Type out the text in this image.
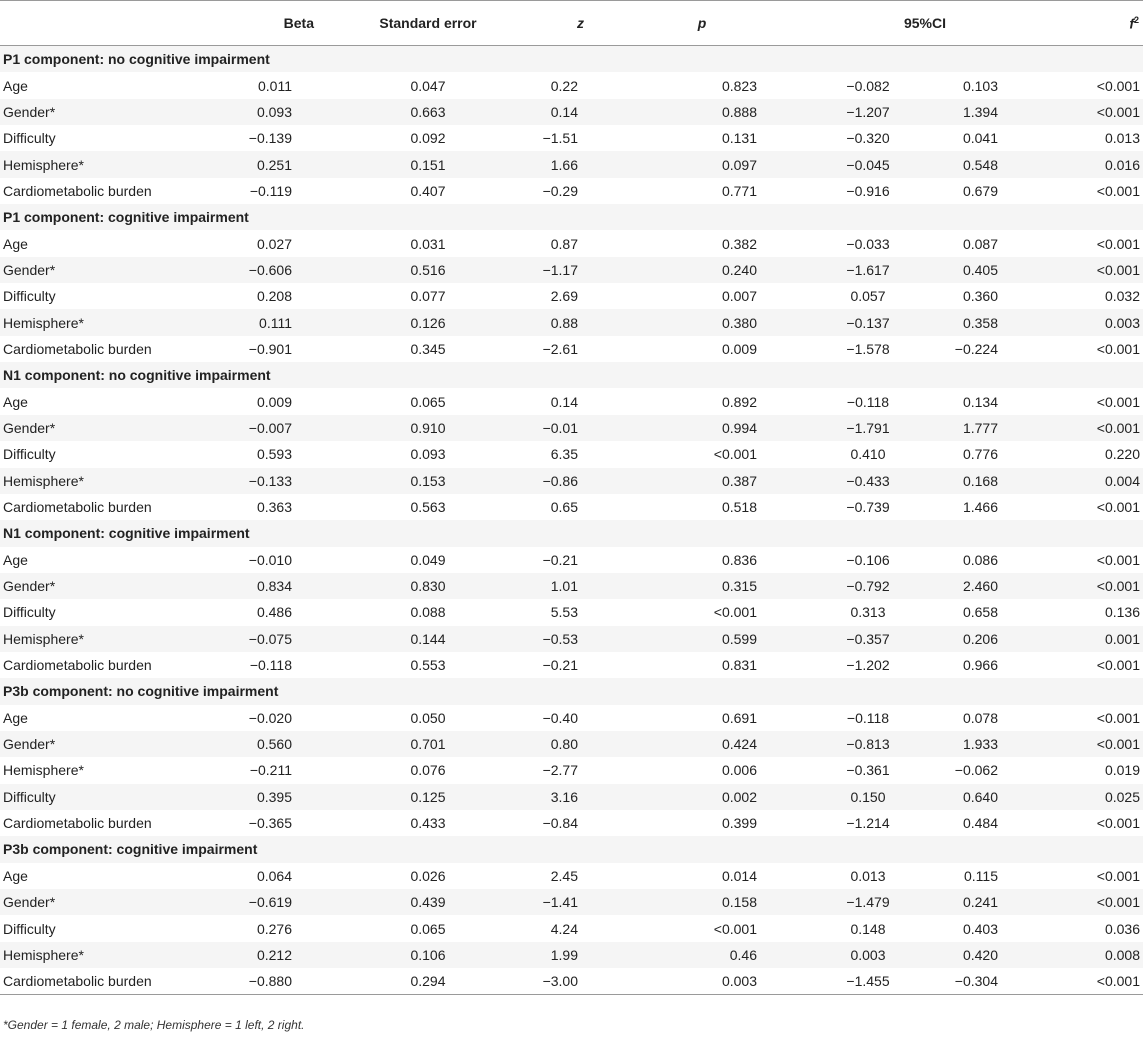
	Beta	Standard error	z	p	95%CI		$f^2$
P1 component: no cognitive impairment							
Age	0.011	0.047	0.22	0.823	−0.082	0.103	<0.001
Gender*	0.093	0.663	0.14	0.888	−1.207	1.394	<0.001
Difficulty	−0.139	0.092	−1.51	0.131	−0.320	0.041	0.013
Hemisphere*	0.251	0.151	1.66	0.097	−0.045	0.548	0.016
Cardiometabolic burden	−0.119	0.407	−0.29	0.771	−0.916	0.679	<0.001
P1 component: cognitive impairment							
Age	0.027	0.031	0.87	0.382	−0.033	0.087	<0.001
Gender*	−0.606	0.516	−1.17	0.240	−1.617	0.405	<0.001
Difficulty	0.208	0.077	2.69	0.007	0.057	0.360	0.032
Hemisphere*	0.111	0.126	0.88	0.380	−0.137	0.358	0.003
Cardiometabolic burden	−0.901	0.345	−2.61	0.009	−1.578	−0.224	<0.001
N1 component: no cognitive impairment							
Age	0.009	0.065	0.14	0.892	−0.118	0.134	<0.001
Gender*	−0.007	0.910	−0.01	0.994	−1.791	1.777	<0.001
Difficulty	0.593	0.093	6.35	<0.001	0.410	0.776	0.220
Hemisphere*	−0.133	0.153	−0.86	0.387	−0.433	0.168	0.004
Cardiometabolic burden	0.363	0.563	0.65	0.518	−0.739	1.466	<0.001
N1 component: cognitive impairment							
Age	−0.010	0.049	−0.21	0.836	−0.106	0.086	<0.001
Gender*	0.834	0.830	1.01	0.315	−0.792	2.460	<0.001
Difficulty	0.486	0.088	5.53	<0.001	0.313	0.658	0.136
Hemisphere*	−0.075	0.144	−0.53	0.599	−0.357	0.206	0.001
Cardiometabolic burden	−0.118	0.553	−0.21	0.831	−1.202	0.966	<0.001
P3b component: no cognitive impairment							
Age	−0.020	0.050	−0.40	0.691	−0.118	0.078	<0.001
Gender*	0.560	0.701	0.80	0.424	−0.813	1.933	<0.001
Hemisphere*	−0.211	0.076	−2.77	0.006	−0.361	−0.062	0.019
Difficulty	0.395	0.125	3.16	0.002	0.150	0.640	0.025
Cardiometabolic burden	−0.365	0.433	−0.84	0.399	−1.214	0.484	<0.001
P3b component: cognitive impairment							
Age	0.064	0.026	2.45	0.014	0.013	0.115	<0.001
Gender*	−0.619	0.439	−1.41	0.158	−1.479	0.241	<0.001
Difficulty	0.276	0.065	4.24	<0.001	0.148	0.403	0.036
Hemisphere*	0.212	0.106	1.99	0.46	0.003	0.420	0.008
Cardiometabolic burden	−0.880	0.294	−3.00	0.003	−1.455	−0.304	<0.001
*Gender = 1 female, 2 male; Hemisphere = 1 left, 2 right.
